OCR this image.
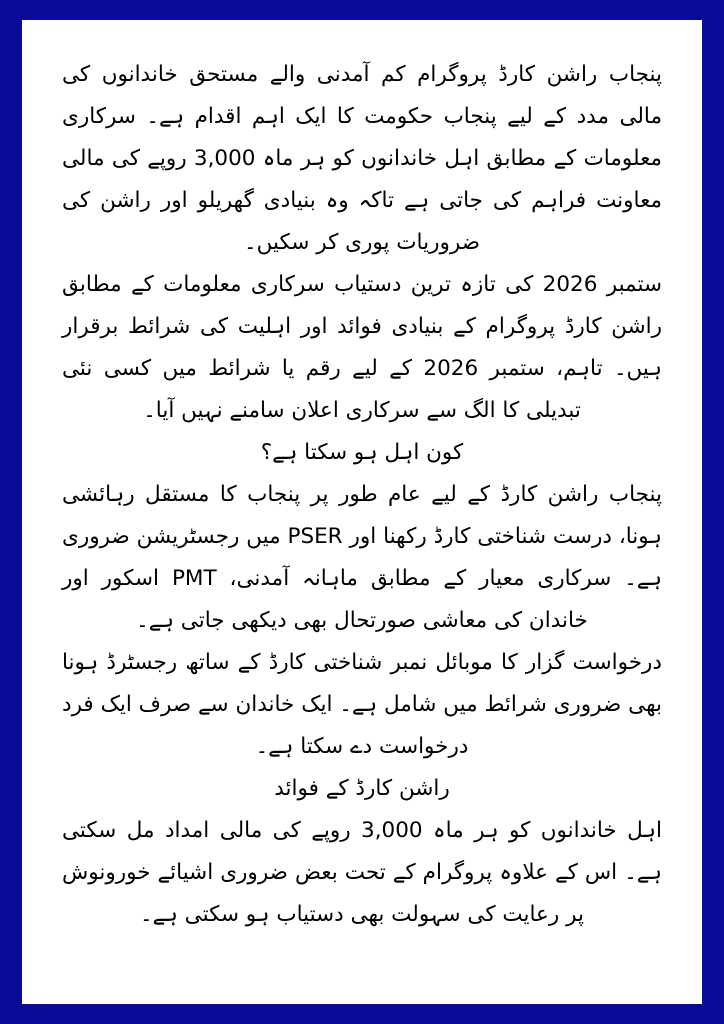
پنجاب راشن کارڈ پروگرام کم آمدنی والے مستحق خاندانوں کی مالی مدد کے لیے پنجاب حکومت کا ایک اہم اقدام ہے۔ سرکاری معلومات کے مطابق اہل خاندانوں کو ہر ماہ 3,000 روپے کی مالی معاونت فراہم کی جاتی ہے تاکہ وہ بنیادی گھریلو اور راشن کی ضروریات پوری کر سکیں۔

ستمبر 2026 کی تازہ ترین دستیاب سرکاری معلومات کے مطابق راشن کارڈ پروگرام کے بنیادی فوائد اور اہلیت کی شرائط برقرار ہیں۔ تاہم، ستمبر 2026 کے لیے رقم یا شرائط میں کسی نئی تبدیلی کا الگ سے سرکاری اعلان سامنے نہیں آیا۔

کون اہل ہو سکتا ہے؟

پنجاب راشن کارڈ کے لیے عام طور پر پنجاب کا مستقل رہائشی ہونا، درست شناختی کارڈ رکھنا اور PSER میں رجسٹریشن ضروری ہے۔ سرکاری معیار کے مطابق ماہانہ آمدنی، PMT اسکور اور خاندان کی معاشی صورتحال بھی دیکھی جاتی ہے۔

درخواست گزار کا موبائل نمبر شناختی کارڈ کے ساتھ رجسٹرڈ ہونا بھی ضروری شرائط میں شامل ہے۔ ایک خاندان سے صرف ایک فرد درخواست دے سکتا ہے۔

راشن کارڈ کے فوائد

اہل خاندانوں کو ہر ماہ 3,000 روپے کی مالی امداد مل سکتی ہے۔ اس کے علاوہ پروگرام کے تحت بعض ضروری اشیائے خورونوش پر رعایت کی سہولت بھی دستیاب ہو سکتی ہے۔
